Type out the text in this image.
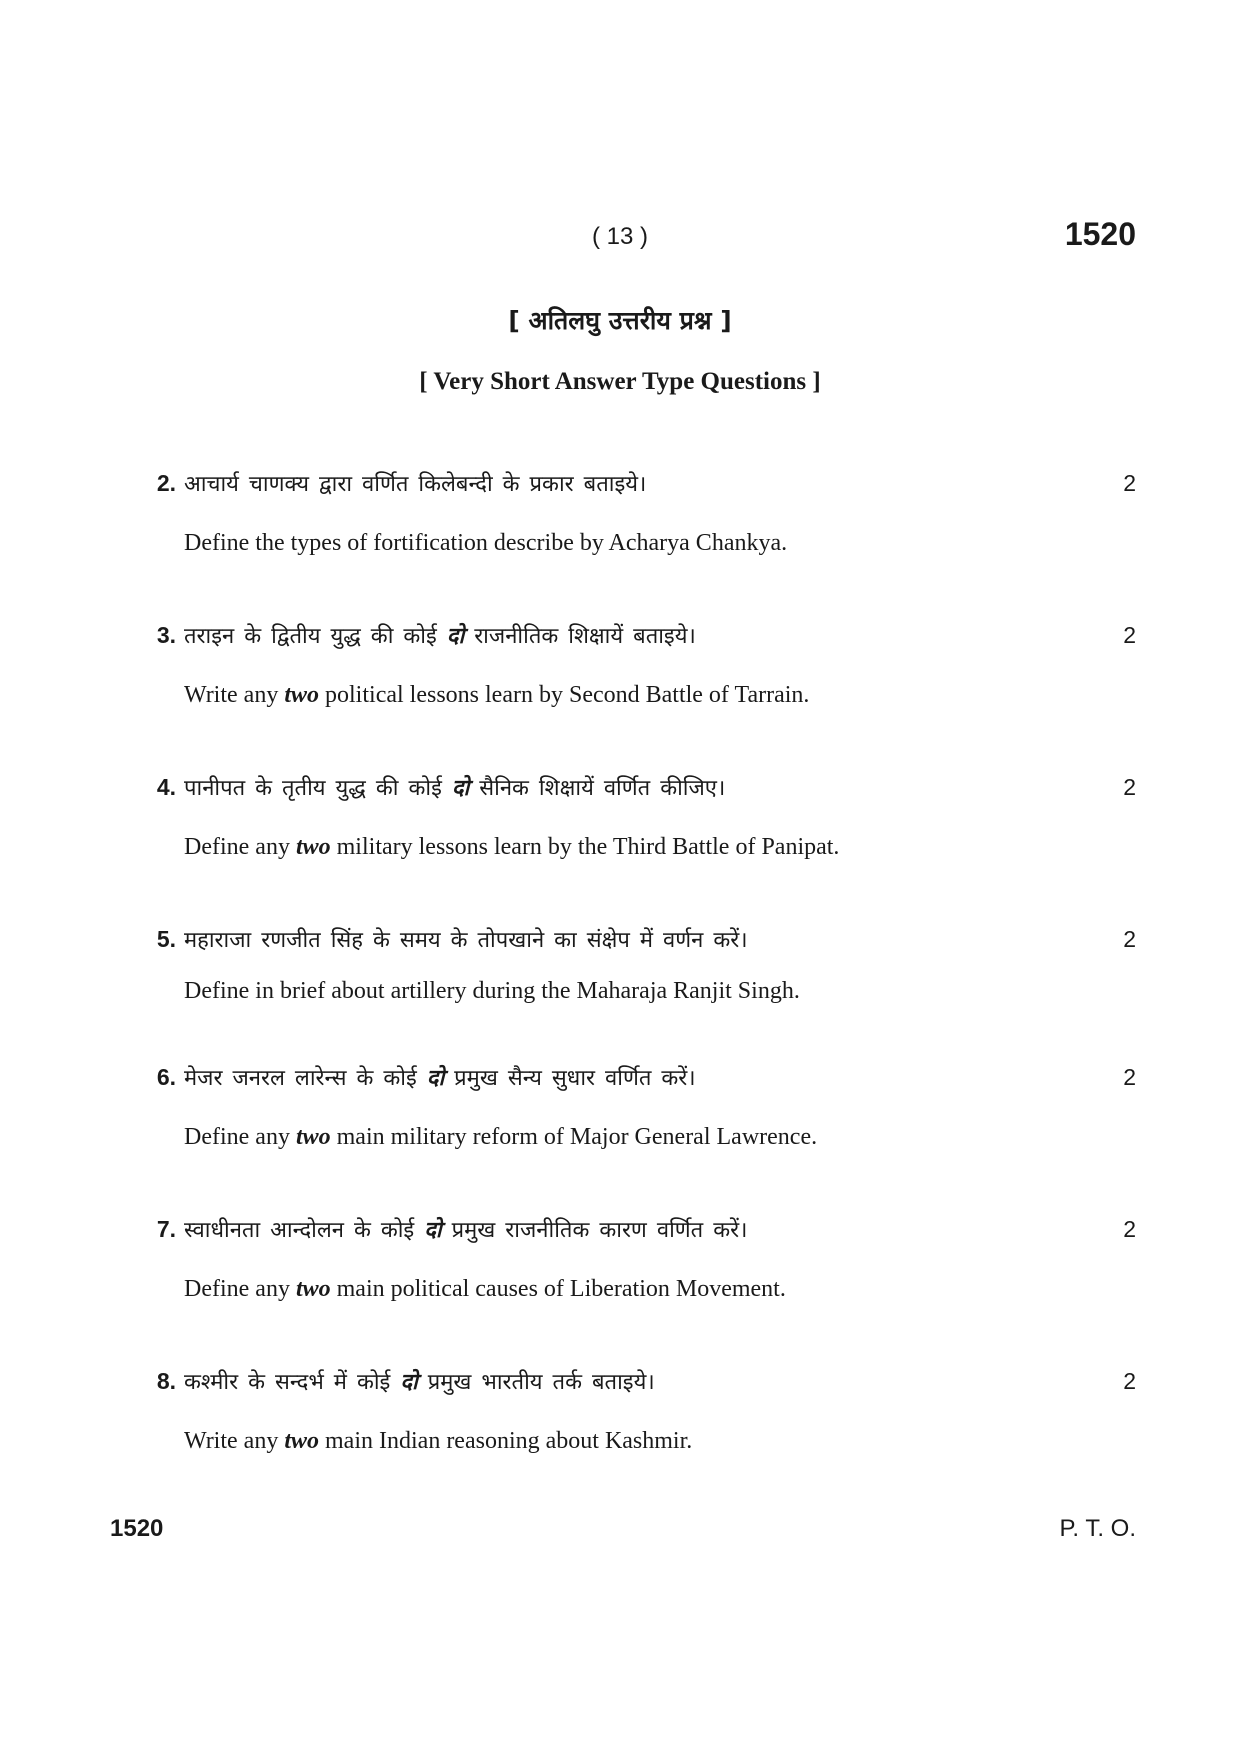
( 13 )	1520
[ अतिलघु उत्तरीय प्रश्न ]
[ Very Short Answer Type Questions ]
2. आचार्य चाणक्य द्वारा वर्णित किलेबन्दी के प्रकार बताइये।	2
Define the types of fortification describe by Acharya Chankya.
3. तराइन के द्वितीय युद्ध की कोई दो राजनीतिक शिक्षायें बताइये।	2
Write any two political lessons learn by Second Battle of Tarrain.
4. पानीपत के तृतीय युद्ध की कोई दो सैनिक शिक्षायें वर्णित कीजिए।	2
Define any two military lessons learn by the Third Battle of Panipat.
5. महाराजा रणजीत सिंह के समय के तोपखाने का संक्षेप में वर्णन करें।	2
Define in brief about artillery during the Maharaja Ranjit Singh.
6. मेजर जनरल लारेन्स के कोई दो प्रमुख सैन्य सुधार वर्णित करें।	2
Define any two main military reform of Major General Lawrence.
7. स्वाधीनता आन्दोलन के कोई दो प्रमुख राजनीतिक कारण वर्णित करें।	2
Define any two main political causes of Liberation Movement.
8. कश्मीर के सन्दर्भ में कोई दो प्रमुख भारतीय तर्क बताइये।	2
Write any two main Indian reasoning about Kashmir.
1520	P. T. O.
